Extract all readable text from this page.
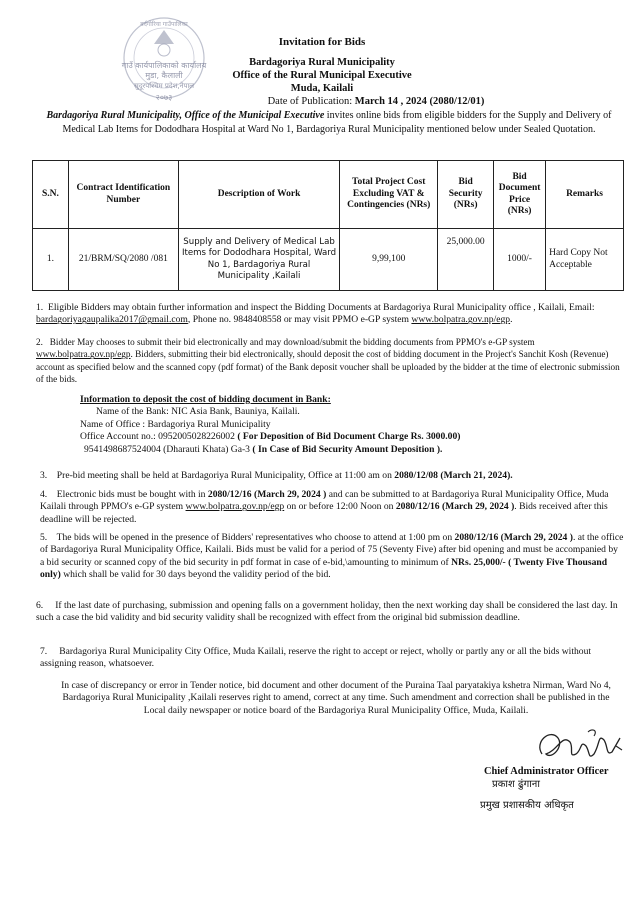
गाउँ कार्यपालिकाको कार्यालय
मुडा, कैलाली
सुदूरपश्चिम प्रदेश,नेपाल
२०७३
बर्दगोरिया गाउँपालिका
Invitation for Bids
Bardagoriya Rural Municipality
Office of the Rural Municipal Executive
Muda, Kailali
Date of Publication: March 14 , 2024 (2080/12/01)
Bardagoriya Rural Municipality, Office of the Municipal Executive invites online bids from eligible bidders for the Supply and Delivery of Medical Lab Items for Dododhara Hospital at Ward No 1, Bardagoriya Rural Municipality mentioned below under Sealed Quotation.
S.N.	Contract Identification Number	Description of Work	Total Project Cost Excluding VAT & Contingencies (NRs)	Bid Security (NRs)	Bid Document Price (NRs)	Remarks
1.	21/BRM/SQ/2080 /081	Supply and Delivery of Medical Lab Items for Dododhara Hospital, Ward No 1, Bardagoriya Rural Municipality ,Kailali	9,99,100	25,000.00	1000/-	Hard Copy Not Acceptable
1. Eligible Bidders may obtain further information and inspect the Bidding Documents at Bardagoriya Rural Municipality office , Kailali, Email: bardagoriyagaupalika2017@gmail.com, Phone no. 9848408558 or may visit PPMO e-GP system www.bolpatra.gov.np/egp.
2. Bidder May chooses to submit their bid electronically and may download/submit the bidding documents from PPMO's e-GP system www.bolpatra.gov.np/egp. Bidders, submitting their bid electronically, should deposit the cost of bidding document in the Project's Sanchit Kosh (Revenue) account as specified below and the scanned copy (pdf format) of the Bank deposit voucher shall be uploaded by the bidder at the time of electronic submission of the bids.
Information to deposit the cost of bidding document in Bank:
Name of the Bank: NIC Asia Bank, Bauniya, Kailali.
Name of Office : Bardagoriya Rural Municipality
Office Account no.: 0952005028226002 ( For Deposition of Bid Document Charge Rs. 3000.00)
9541498687524004 (Dharauti Khata) Ga-3 ( In Case of Bid Security Amount Deposition ).
3. Pre-bid meeting shall be held at Bardagoriya Rural Municipality, Office at 11:00 am on 2080/12/08 (March 21, 2024).
4. Electronic bids must be bought with in 2080/12/16 (March 29, 2024 ) and can be submitted to at Bardagoriya Rural Municipality Office, Muda Kailali through PPMO's e-GP system www.bolpatra.gov.np/egp on or before 12:00 Noon on 2080/12/16 (March 29, 2024 ). Bids received after this deadline will be rejected.
5. The bids will be opened in the presence of Bidders' representatives who choose to attend at 1:00 pm on 2080/12/16 (March 29, 2024 ). at the office of Bardagoriya Rural Municipality Office, Kailali. Bids must be valid for a period of 75 (Seventy Five) after bid opening and must be accompanied by a bid security or scanned copy of the bid security in pdf format in case of e-bid,\amounting to minimum of NRs. 25,000/- ( Twenty Five Thousand only) which shall be valid for 30 days beyond the validity period of the bid.
6. If the last date of purchasing, submission and opening falls on a government holiday, then the next working day shall be considered the last day. In such a case the bid validity and bid security validity shall be recognized with effect from the original bid submission deadline.
7. Bardagoriya Rural Municipality City Office, Muda Kailali, reserve the right to accept or reject, wholly or partly any or all the bids without assigning reason, whatsoever.
In case of discrepancy or error in Tender notice, bid document and other document of the Puraina Taal paryatakiya kshetra Nirman, Ward No 4, Bardagoriya Rural Municipality ,Kailali reserves right to amend, correct at any time. Such amendment and correction shall be published in the Local daily newspaper or notice board of the Bardagoriya Rural Municipality Office, Muda, Kailali.
Chief Administrator Officer
प्रकाश ढुंगाना
प्रमुख प्रशासकीय अधिकृत
